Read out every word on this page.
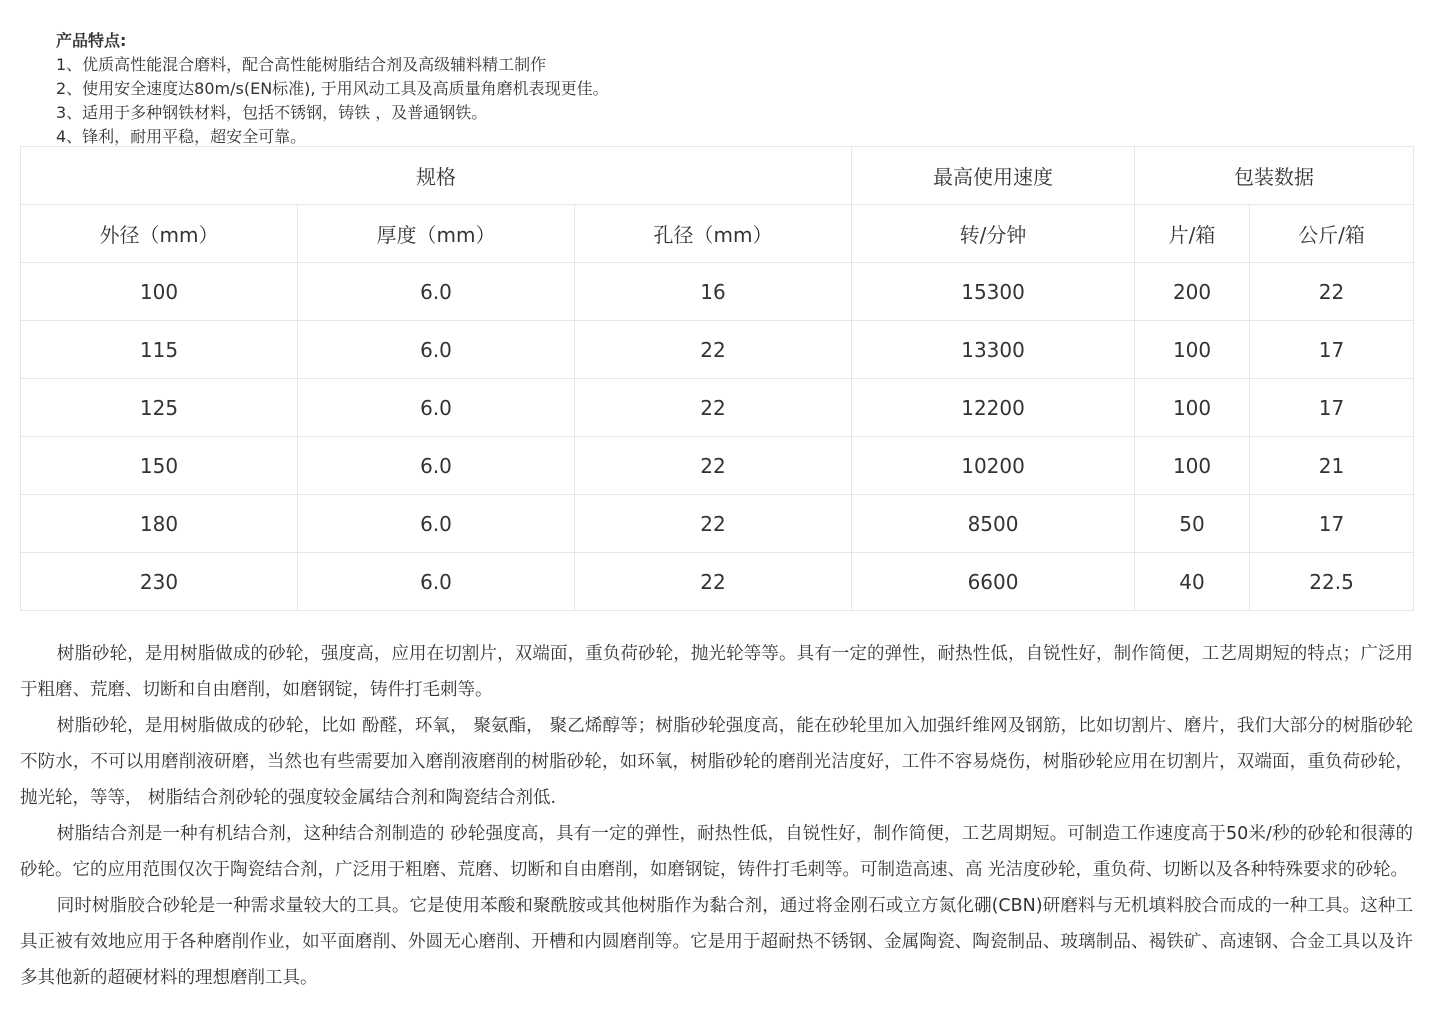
产品特点:
1、优质高性能混合磨料，配合高性能树脂结合剂及高级辅料精工制作
2、使用安全速度达80m/s(EN标准), 于用风动工具及高质量角磨机表现更佳。
3、适用于多种钢铁材料，包括不锈钢，铸铁 ，及普通钢铁。
4、锋利，耐用平稳，超安全可靠。
规格			最高使用速度	包装数据	
外径（mm）	厚度（mm）	孔径（mm）	转/分钟	片/箱	公斤/箱
100	6.0	16	15300	200	22
115	6.0	22	13300	100	17
125	6.0	22	12200	100	17
150	6.0	22	10200	100	21
180	6.0	22	8500	50	17
230	6.0	22	6600	40	22.5

树脂砂轮，是用树脂做成的砂轮，强度高，应用在切割片，双端面，重负荷砂轮，抛光轮等等。具有一定的弹性，耐热性低，自锐性好，制作简便，工艺周期短的特点；广泛用于粗磨、荒磨、切断和自由磨削，如磨钢锭，铸件打毛刺等。

树脂砂轮，是用树脂做成的砂轮，比如 酚醛，环氧， 聚氨酯， 聚乙烯醇等；树脂砂轮强度高，能在砂轮里加入加强纤维网及钢筋，比如切割片、磨片，我们大部分的树脂砂轮不防水，不可以用磨削液研磨，当然也有些需要加入磨削液磨削的树脂砂轮，如环氧，树脂砂轮的磨削光洁度好，工件不容易烧伤，树脂砂轮应用在切割片，双端面，重负荷砂轮，抛光轮，等等， 树脂结合剂砂轮的强度较金属结合剂和陶瓷结合剂低.

树脂结合剂是一种有机结合剂，这种结合剂制造的 砂轮强度高，具有一定的弹性，耐热性低，自锐性好，制作简便，工艺周期短。可制造工作速度高于50米/秒的砂轮和很薄的砂轮。它的应用范围仅次于陶瓷结合剂，广泛用于粗磨、荒磨、切断和自由磨削，如磨钢锭，铸件打毛刺等。可制造高速、高 光洁度砂轮，重负荷、切断以及各种特殊要求的砂轮。

同时树脂胶合砂轮是一种需求量较大的工具。它是使用苯酸和聚酰胺或其他树脂作为黏合剂，通过将金刚石或立方氮化硼(CBN)研磨料与无机填料胶合而成的一种工具。这种工具正被有效地应用于各种磨削作业，如平面磨削、外圆无心磨削、开槽和内圆磨削等。它是用于超耐热不锈钢、金属陶瓷、陶瓷制品、玻璃制品、褐铁矿、高速钢、合金工具以及许多其他新的超硬材料的理想磨削工具。
